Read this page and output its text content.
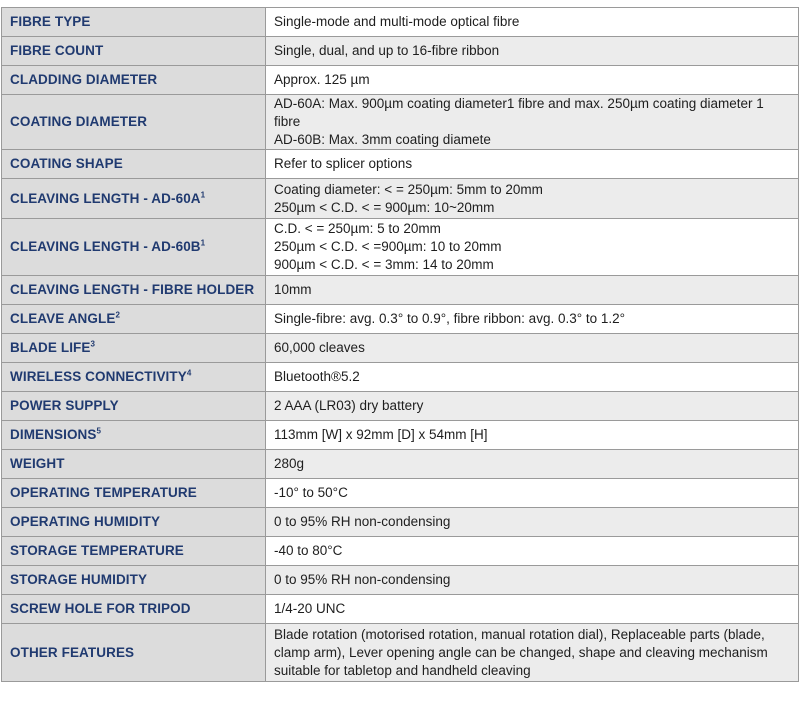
FIBRE TYPE	Single-mode and multi-mode optical fibre

FIBRE COUNT	Single, dual, and up to 16-fibre ribbon

CLADDING DIAMETER	Approx. 125 µm

COATING DIAMETER	AD-60A: Max. 900µm coating diameter1 fibre and max. 250µm coating diameter 1 fibre
AD-60B: Max. 3mm coating diamete

COATING SHAPE	Refer to splicer options

CLEAVING LENGTH - $AD-60A^1$	Coating diameter: < = 250µm: 5mm to 20mm
250µm < C.D. < = 900µm: 10~20mm

CLEAVING LENGTH - $AD-60B^1$	C.D. < = 250µm: 5 to 20mm
250µm < C.D. < =900µm: 10 to 20mm
900µm < C.D. < = 3mm: 14 to 20mm

CLEAVING LENGTH - FIBRE HOLDER	10mm

CLEAVE ANGLE$^2$	Single-fibre: avg. 0.3° to 0.9°, fibre ribbon: avg. 0.3° to 1.2°

BLADE LIFE$^3$	60,000 cleaves

WIRELESS CONNECTIVITY$^4$	Bluetooth®5.2

POWER SUPPLY	2 AAA (LR03) dry battery

DIMENSIONS$^5$	113mm [W] x 92mm [D] x 54mm [H]

WEIGHT	280g

OPERATING TEMPERATURE	-10° to 50°C

OPERATING HUMIDITY	0 to 95% RH non-condensing

STORAGE TEMPERATURE	-40 to 80°C

STORAGE HUMIDITY	0 to 95% RH non-condensing

SCREW HOLE FOR TRIPOD	1/4-20 UNC

OTHER FEATURES	Blade rotation (motorised rotation, manual rotation dial), Replaceable parts (blade,
clamp arm), Lever opening angle can be changed, shape and cleaving mechanism
suitable for tabletop and handheld cleaving
